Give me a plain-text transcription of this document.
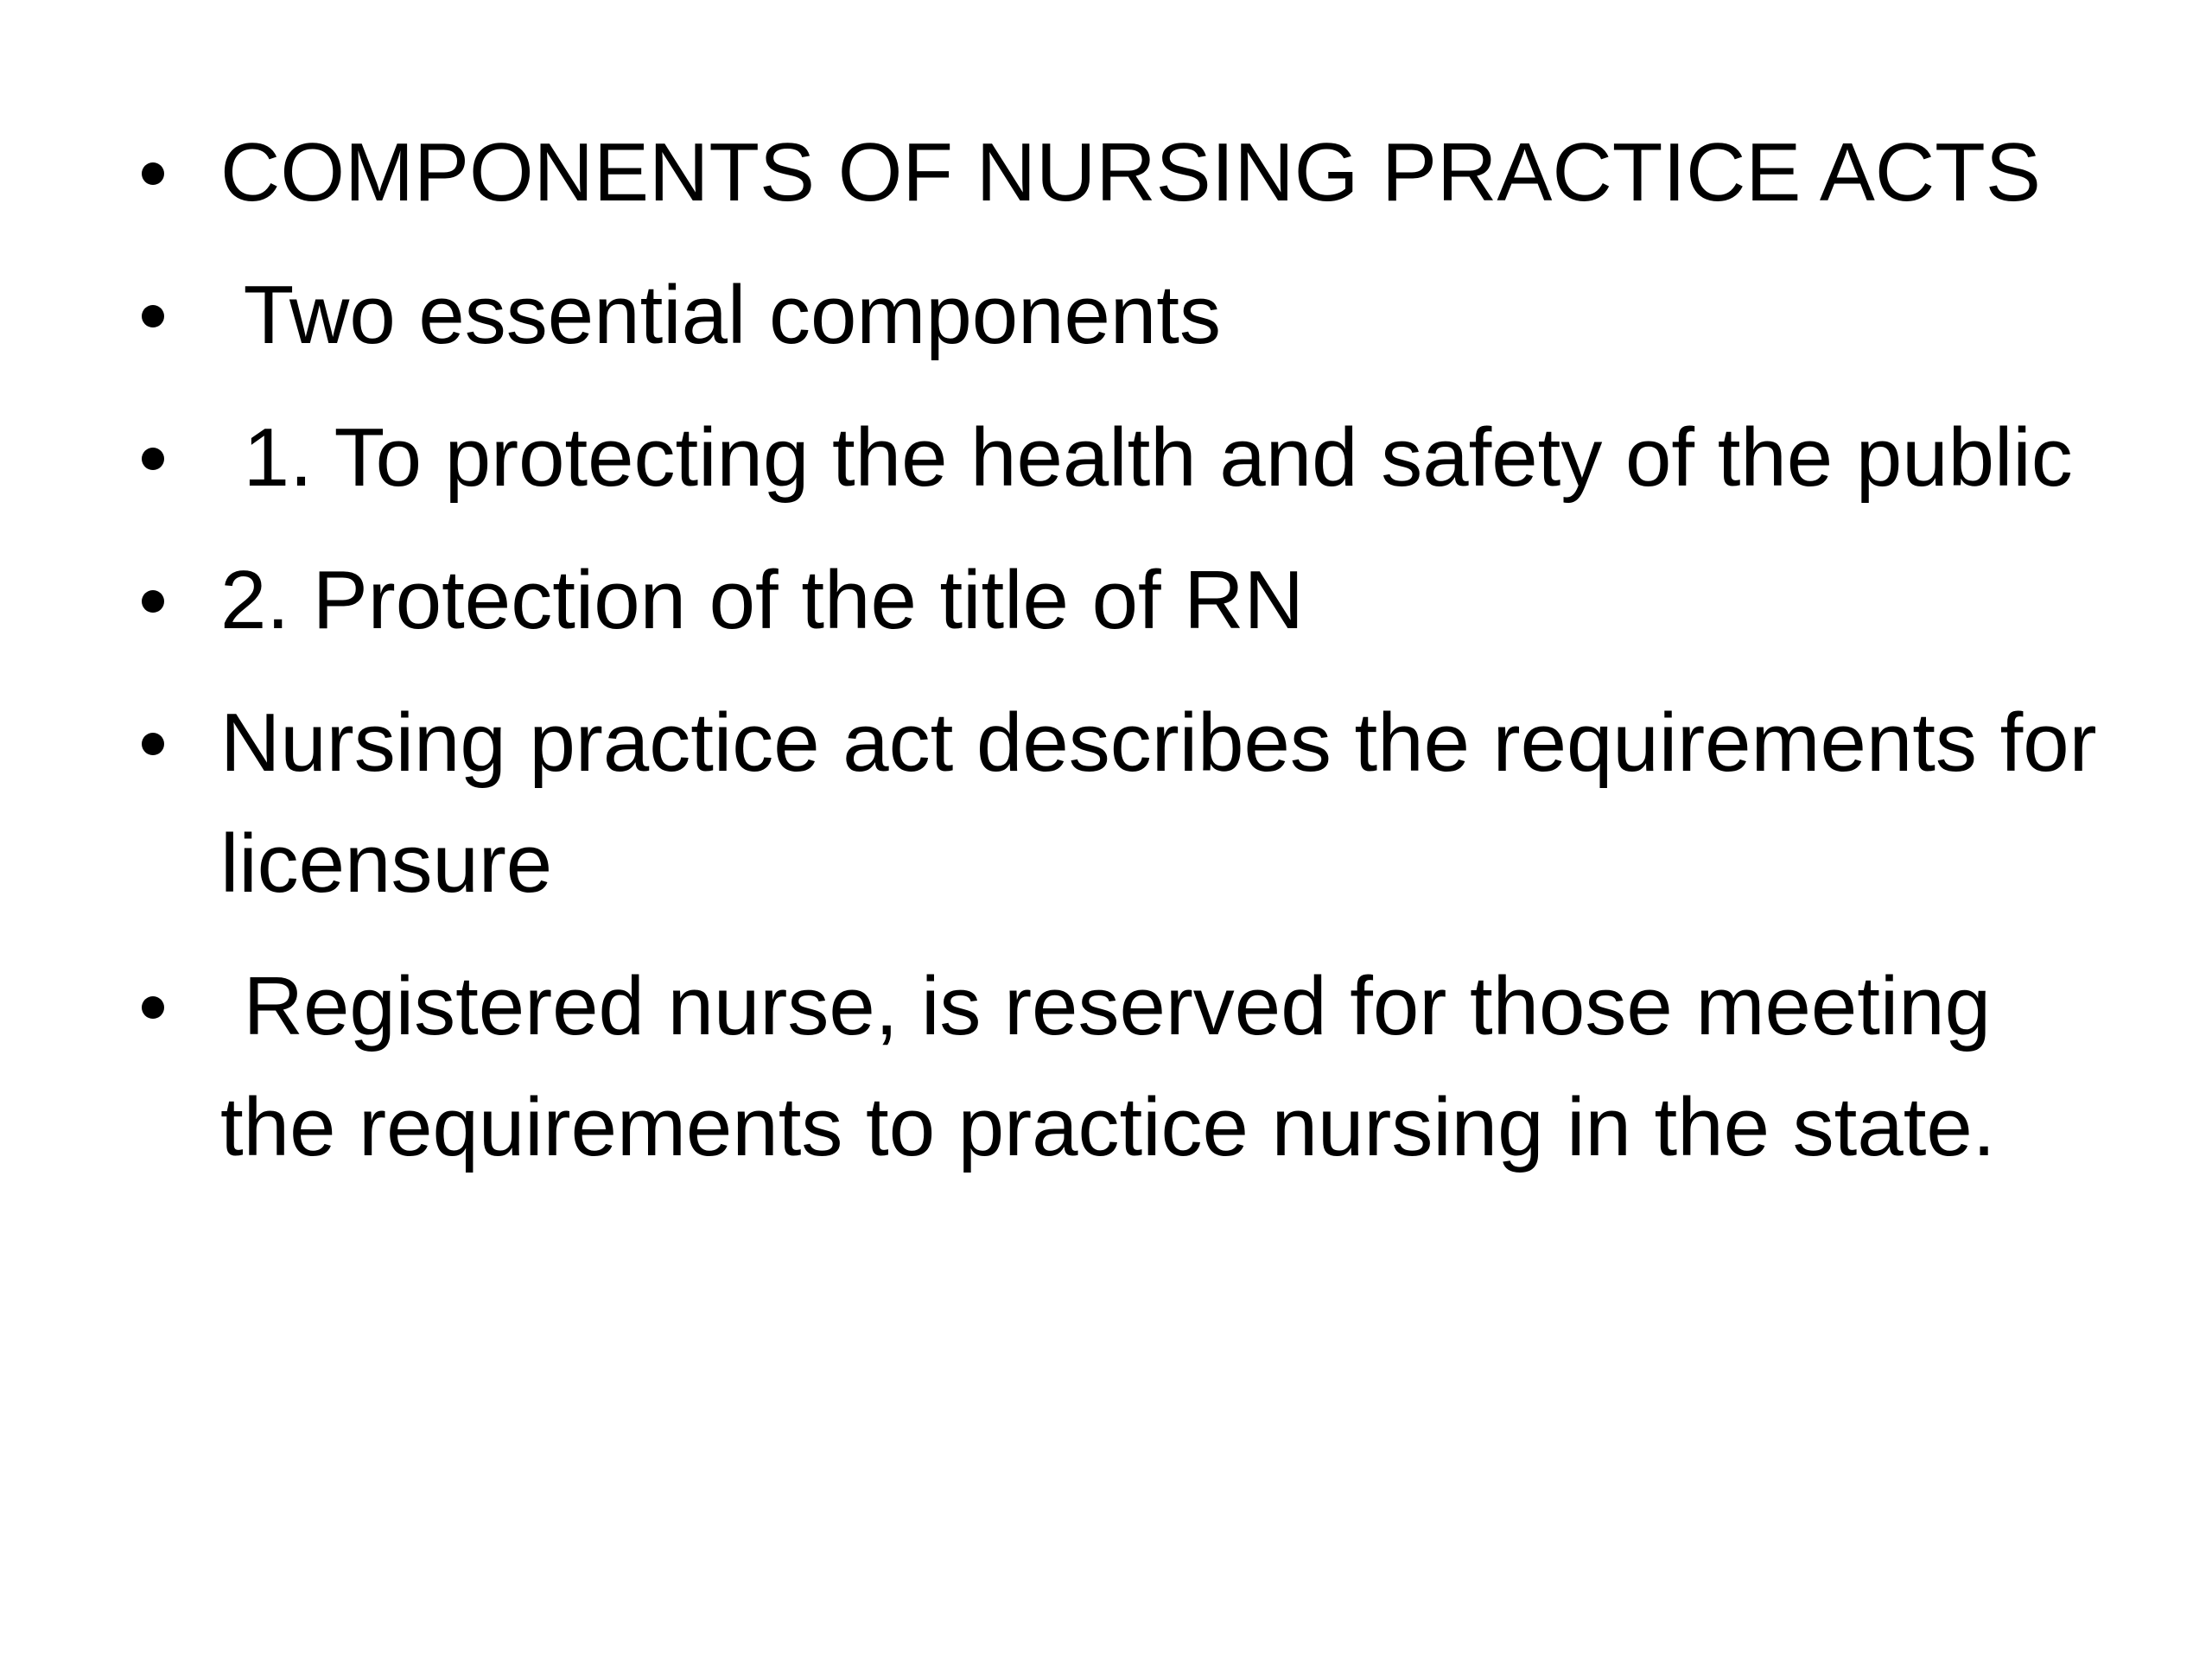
COMPONENTS OF NURSING PRACTICE ACTS
Two essential components
1. To protecting the health and safety of the public
2. Protection of the title of RN
Nursing practice act describes the requirements for licensure
Registered nurse, is reserved for those meeting the requirements to practice nursing in the state.
